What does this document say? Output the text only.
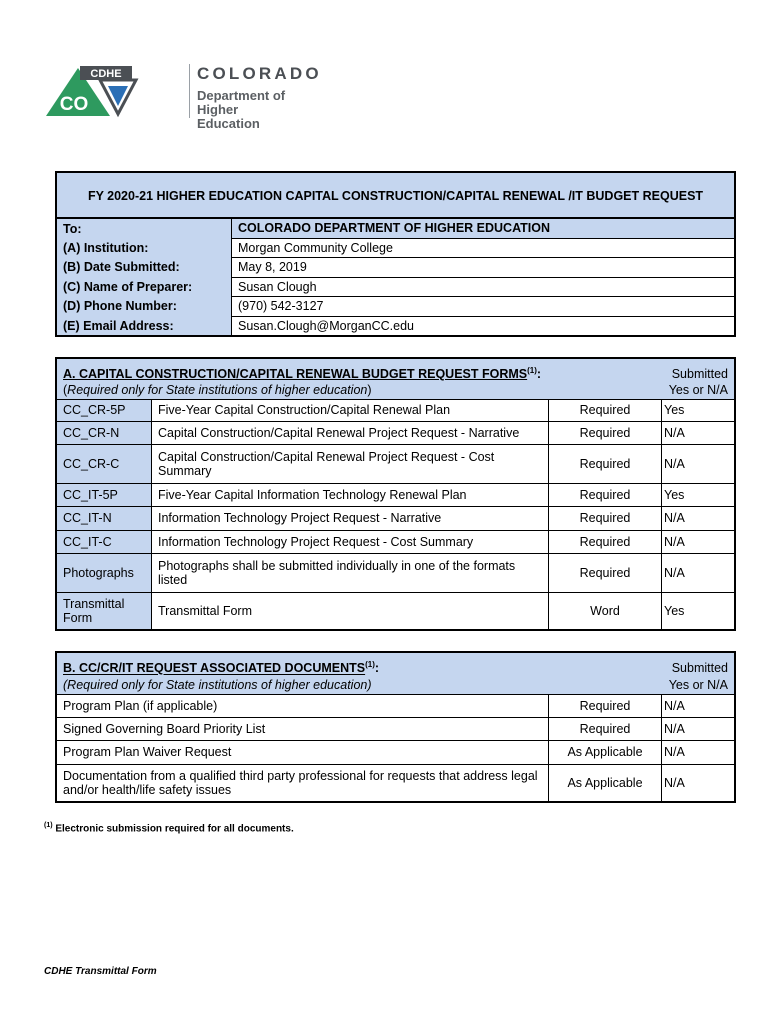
CDHE
CO
COLORADO
Department of
Higher Education
FY 2020-21 HIGHER EDUCATION CAPITAL CONSTRUCTION/CAPITAL RENEWAL /IT BUDGET REQUEST
To:	COLORADO DEPARTMENT OF HIGHER EDUCATION
(A) Institution:	Morgan Community College
(B) Date Submitted:	May 8, 2019
(C) Name of Preparer:	Susan Clough
(D) Phone Number:	(970) 542-3127
(E) Email Address:	Susan.Clough@MorganCC.edu
A. CAPITAL CONSTRUCTION/CAPITAL RENEWAL BUDGET REQUEST FORMS$^{(1)}$:			Submitted
(Required only for State institutions of higher education)			Yes or N/A
CC_CR-5P	Five-Year Capital Construction/Capital Renewal Plan	Required	Yes
CC_CR-N	Capital Construction/Capital Renewal Project Request - Narrative	Required	N/A
CC_CR-C	Capital Construction/Capital Renewal Project Request - Cost Summary	Required	N/A
CC_IT-5P	Five-Year Capital Information Technology Renewal Plan	Required	Yes
CC_IT-N	Information Technology Project Request - Narrative	Required	N/A
CC_IT-C	Information Technology Project Request - Cost Summary	Required	N/A
Photographs	Photographs shall be submitted individually in one of the formats listed	Required	N/A
Transmittal Form	Transmittal Form	Word	Yes
B. CC/CR/IT REQUEST ASSOCIATED DOCUMENTS$^{(1)}$:		Submitted
(Required only for State institutions of higher education)		Yes or N/A
Program Plan (if applicable)	Required	N/A
Signed Governing Board Priority List	Required	N/A
Program Plan Waiver Request	As Applicable	N/A
Documentation from a qualified third party professional for requests that address legal and/or health/life safety issues	As Applicable	N/A
$^{(1)}$ Electronic submission required for all documents.
CDHE Transmittal Form
